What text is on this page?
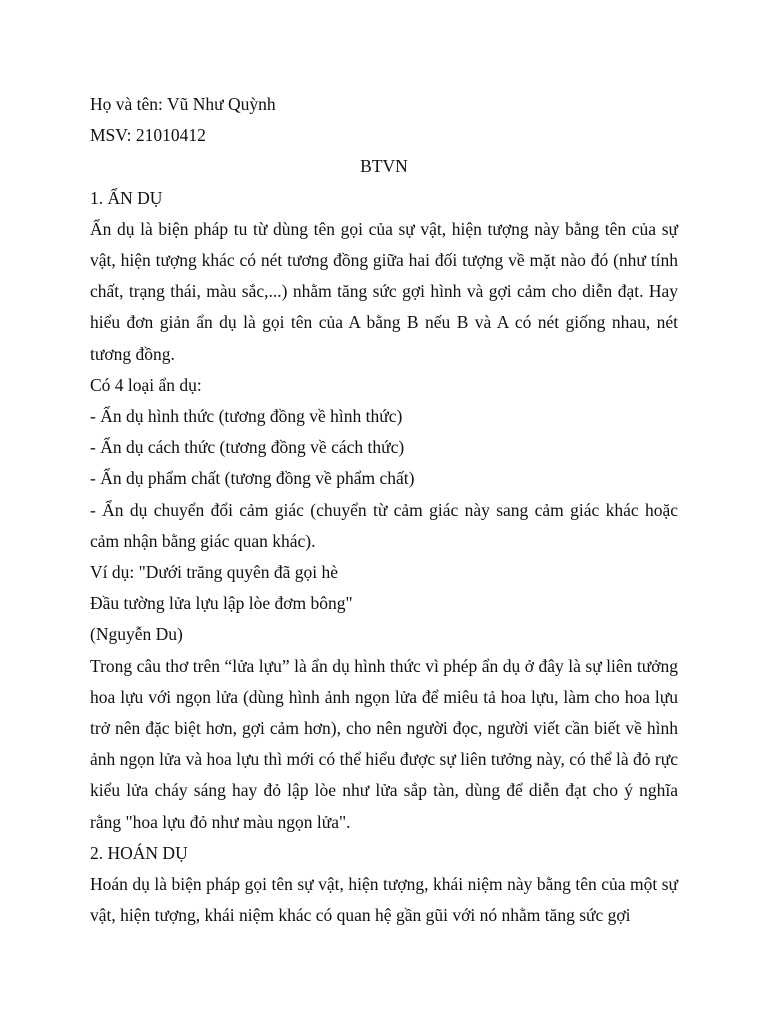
Họ và tên: Vũ Như Quỳnh
MSV: 21010412
BTVN
1. ẨN DỤ

Ẩn dụ là biện pháp tu từ dùng tên gọi của sự vật, hiện tượng này bằng tên của sự vật, hiện tượng khác có nét tương đồng giữa hai đối tượng về mặt nào đó (như tính chất, trạng thái, màu sắc,...) nhằm tăng sức gợi hình và gợi cảm cho diễn đạt. Hay hiểu đơn giản ẩn dụ là gọi tên của A bằng B nếu B và A có nét giống nhau, nét tương đồng.

Có 4 loại ẩn dụ:
- Ẩn dụ hình thức (tương đồng về hình thức)
- Ẩn dụ cách thức (tương đồng về cách thức)
- Ẩn dụ phẩm chất (tương đồng về phẩm chất)

- Ẩn dụ chuyển đổi cảm giác (chuyển từ cảm giác này sang cảm giác khác hoặc cảm nhận bằng giác quan khác).

Ví dụ: "Dưới trăng quyên đã gọi hè
Đầu tường lửa lựu lập lòe đơm bông"
(Nguyễn Du)

Trong câu thơ trên “lửa lựu” là ẩn dụ hình thức vì phép ẩn dụ ở đây là sự liên tưởng hoa lựu với ngọn lửa (dùng hình ảnh ngọn lửa để miêu tả hoa lựu, làm cho hoa lựu trở nên đặc biệt hơn, gợi cảm hơn), cho nên người đọc, người viết cần biết về hình ảnh ngọn lửa và hoa lựu thì mới có thể hiểu được sự liên tưởng này, có thể là đỏ rực kiểu lửa cháy sáng hay đỏ lập lòe như lửa sắp tàn, dùng để diễn đạt cho ý nghĩa rằng "hoa lựu đỏ như màu ngọn lửa".

2. HOÁN DỤ

Hoán dụ là biện pháp gọi tên sự vật, hiện tượng, khái niệm này bằng tên của một sự vật, hiện tượng, khái niệm khác có quan hệ gần gũi với nó nhằm tăng sức gợi
